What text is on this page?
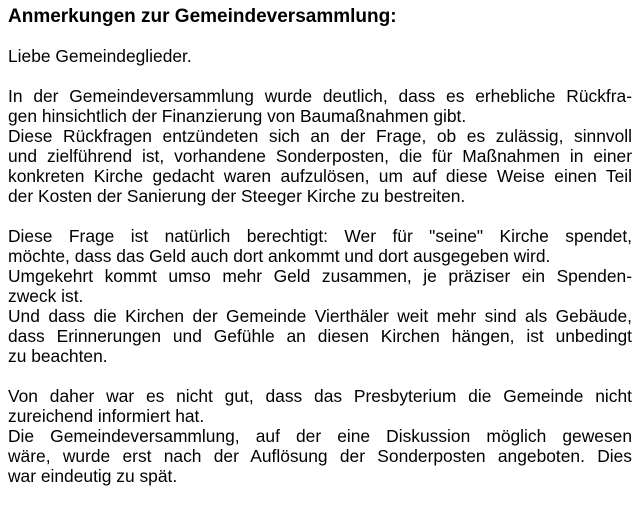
Anmerkungen zur Gemeindeversammlung:
Liebe Gemeindeglieder.
In der Gemeindeversammlung wurde deutlich, dass es erhebliche Rückfra-
gen hinsichtlich der Finanzierung von Baumaßnahmen gibt.
Diese Rückfragen entzündeten sich an der Frage, ob es zulässig, sinnvoll
und zielführend ist, vorhandene Sonderposten, die für Maßnahmen in einer
konkreten Kirche gedacht waren aufzulösen, um auf diese Weise einen Teil
der Kosten der Sanierung der Steeger Kirche zu bestreiten.
Diese Frage ist natürlich berechtigt: Wer für "seine" Kirche spendet,
möchte, dass das Geld auch dort ankommt und dort ausgegeben wird.
Umgekehrt kommt umso mehr Geld zusammen, je präziser ein Spenden-
zweck ist.
Und dass die Kirchen der Gemeinde Vierthäler weit mehr sind als Gebäude,
dass Erinnerungen und Gefühle an diesen Kirchen hängen, ist unbedingt
zu beachten.
Von daher war es nicht gut, dass das Presbyterium die Gemeinde nicht
zureichend informiert hat.
Die Gemeindeversammlung, auf der eine Diskussion möglich gewesen
wäre, wurde erst nach der Auflösung der Sonderposten angeboten. Dies
war eindeutig zu spät.
